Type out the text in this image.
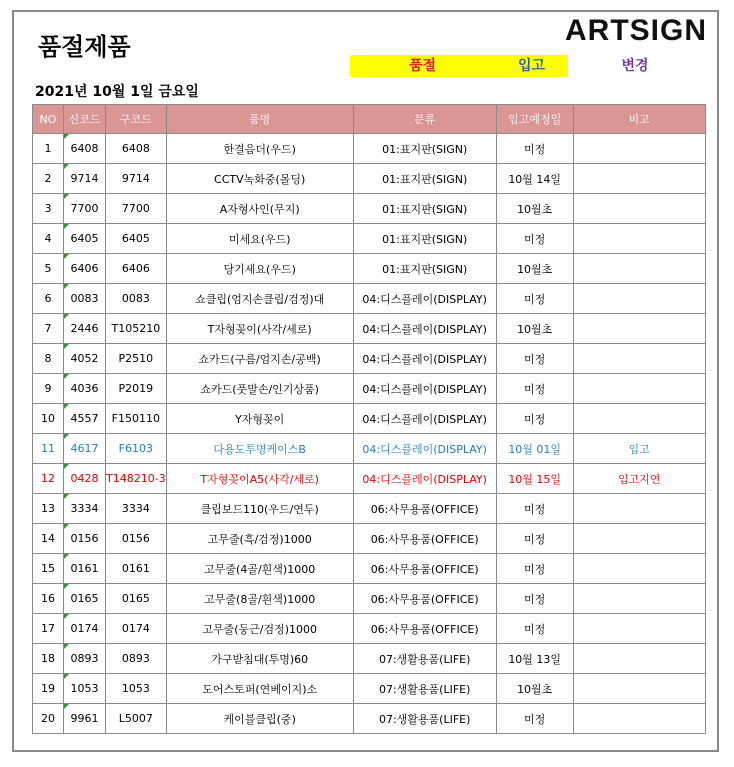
품절제품	ARTSIGN
품절	입고	변경
2021년 10월 1일 금요일
NO	신코드	구코드	품명	분류	입고예정일	비고
1	6408	6408	한결음더(우드)	01:표지판(SIGN)	미정	
2	9714	9714	CCTV녹화중(몰딩)	01:표지판(SIGN)	10월 14일	
3	7700	7700	A자형사인(무지)	01:표지판(SIGN)	10월초	
4	6405	6405	미세요(우드)	01:표지판(SIGN)	미정	
5	6406	6406	당기세요(우드)	01:표지판(SIGN)	10월초	
6	0083	0083	쇼클립(엄지손클립/검정)대	04:디스플레이(DISPLAY)	미정	
7	2446	T105210	T자형꽂이(사각/세로)	04:디스플레이(DISPLAY)	10월초	
8	4052	P2510	쇼카드(구름/엄지손/공백)	04:디스플레이(DISPLAY)	미정	
9	4036	P2019	쇼카드(풋말손/인기상품)	04:디스플레이(DISPLAY)	미정	
10	4557	F150110	Y자형꽂이	04:디스플레이(DISPLAY)	미정	
11	4617	F6103	다용도투명케이스B	04:디스플레이(DISPLAY)	10월 01일	입고
12	0428	T148210-3	T자형꽂이A5(사각/세로)	04:디스플레이(DISPLAY)	10월 15일	입고지연
13	3334	3334	클립보드110(우드/연두)	06:사무용품(OFFICE)	미정	
14	0156	0156	고무줄(흑/검정)1000	06:사무용품(OFFICE)	미정	
15	0161	0161	고무줄(4골/흰색)1000	06:사무용품(OFFICE)	미정	
16	0165	0165	고무줄(8골/흰색)1000	06:사무용품(OFFICE)	미정	
17	0174	0174	고무줄(둥근/검정)1000	06:사무용품(OFFICE)	미정	
18	0893	0893	가구받침대(투명)60	07:생활용품(LIFE)	10월 13일	
19	1053	1053	도어스토퍼(연베이지)소	07:생활용품(LIFE)	10월초	
20	9961	L5007	케이블클립(중)	07:생활용품(LIFE)	미정	
